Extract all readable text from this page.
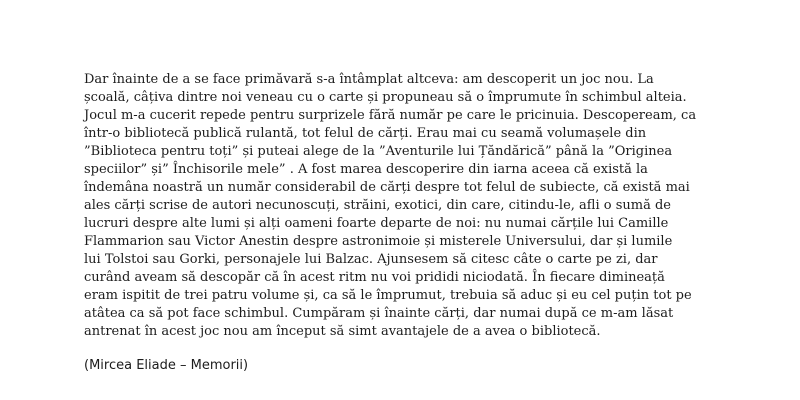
Dar înainte de a se face primăvară s-a întâmplat altceva: am descoperit un joc nou. La
școală, câțiva dintre noi veneau cu o carte și propuneau să o împrumute în schimbul alteia.
Jocul m-a cucerit repede pentru surprizele fără număr pe care le pricinuia. Descopeream, ca
într-o bibliotecă publică rulantă, tot felul de cărți. Erau mai cu seamă volumașele din
”Biblioteca pentru toți” și puteai alege de la ”Aventurile lui Țăndărică” până la ”Originea
speciilor” și” Închisorile mele” . A fost marea descoperire din iarna aceea că există la
îndemâna noastră un număr considerabil de cărți despre tot felul de subiecte, că există mai
ales cărți scrise de autori necunoscuți, străini, exotici, din care, citindu-le, afli o sumă de
lucruri despre alte lumi și alți oameni foarte departe de noi: nu numai cărțile lui Camille
Flammarion sau Victor Anestin despre astronimoie și misterele Universului, dar și lumile
lui Tolstoi sau Gorki, personajele lui Balzac. Ajunsesem să citesc câte o carte pe zi, dar
curând aveam să descopăr că în acest ritm nu voi prididi niciodată. În fiecare dimineață
eram ispitit de trei patru volume și, ca să le împrumut, trebuia să aduc și eu cel puțin tot pe
atâtea ca să pot face schimbul. Cumpăram și înainte cărți, dar numai după ce m-am lăsat
antrenat în acest joc nou am început să simt avantajele de a avea o bibliotecă.
(Mircea Eliade – Memorii)
